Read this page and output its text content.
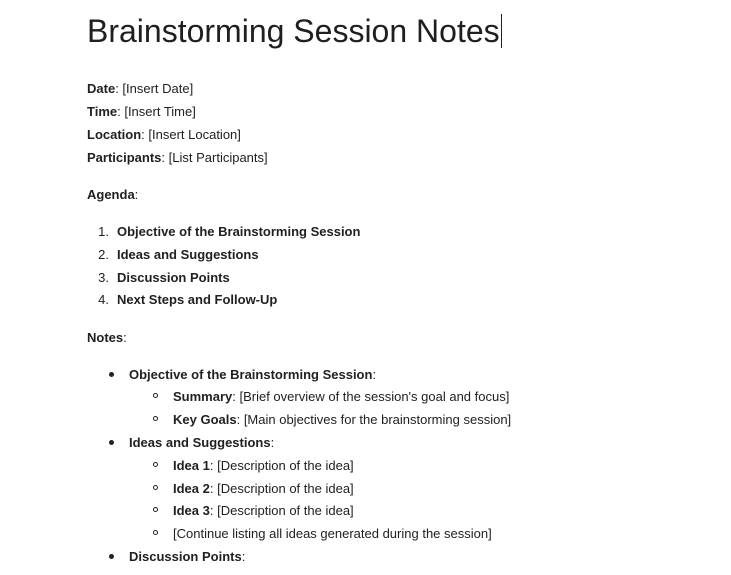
Brainstorming Session Notes
Date: [Insert Date]
Time: [Insert Time]
Location: [Insert Location]
Participants: [List Participants]
Agenda:
1. Objective of the Brainstorming Session
2. Ideas and Suggestions
3. Discussion Points
4. Next Steps and Follow-Up
Notes:
Objective of the Brainstorming Session:
Summary: [Brief overview of the session's goal and focus]
Key Goals: [Main objectives for the brainstorming session]
Ideas and Suggestions:
Idea 1: [Description of the idea]
Idea 2: [Description of the idea]
Idea 3: [Description of the idea]
[Continue listing all ideas generated during the session]
Discussion Points:
